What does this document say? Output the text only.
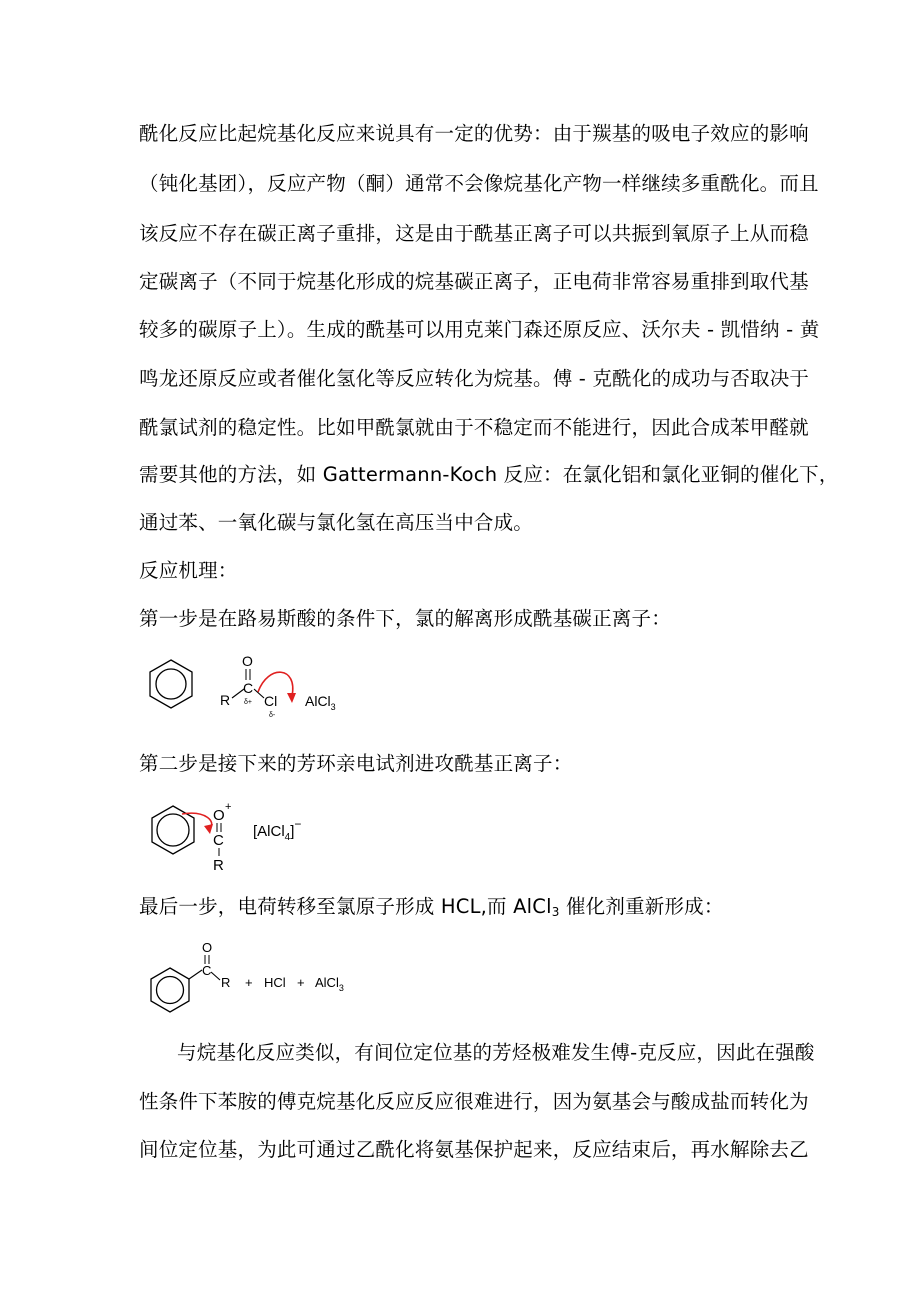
酰化反应比起烷基化反应来说具有一定的优势：由于羰基的吸电子效应的影响
（钝化基团），反应产物（酮）通常不会像烷基化产物一样继续多重酰化。而且
该反应不存在碳正离子重排，这是由于酰基正离子可以共振到氧原子上从而稳
定碳离子（不同于烷基化形成的烷基碳正离子，正电荷非常容易重排到取代基
较多的碳原子上）。生成的酰基可以用克莱门森还原反应、沃尔夫 - 凯惜纳 - 黄
鸣龙还原反应或者催化氢化等反应转化为烷基。傅 - 克酰化的成功与否取决于
酰氯试剂的稳定性。比如甲酰氯就由于不稳定而不能进行，因此合成苯甲醛就
需要其他的方法，如 Gattermann-Koch 反应：在氯化铝和氯化亚铜的催化下，
通过苯、一氧化碳与氯化氢在高压当中合成。
反应机理：
第一步是在路易斯酸的条件下，氯的解离形成酰基碳正离子：
R
C
O
δ+ Cl
δ-
AlCl$_3$
第二步是接下来的芳环亲电试剂进攻酰基正离子：
O +
C
R
[AlCl$_4$]−
最后一步，电荷转移至氯原子形成 HCL,而 AlCl$_3$ 催化剂重新形成：
C
O
R + HCl + AlCl$_3$
与烷基化反应类似，有间位定位基的芳烃极难发生傅-克反应，因此在强酸
性条件下苯胺的傅克烷基化反应反应很难进行，因为氨基会与酸成盐而转化为
间位定位基，为此可通过乙酰化将氨基保护起来，反应结束后，再水解除去乙
